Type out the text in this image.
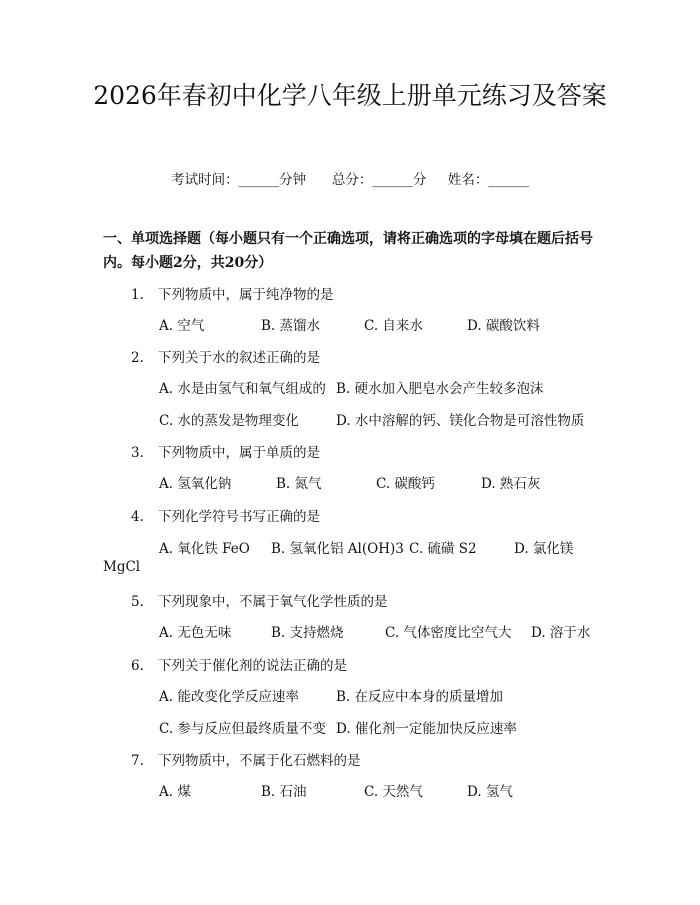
2026年春初中化学八年级上册单元练习及答案
考试时间：______分钟 总分：______分 姓名：______
一、单项选择题（每小题只有一个正确选项，请将正确选项的字母填在题后括号内。每小题2分，共20分）
1. 下列物质中，属于纯净物的是
A. 空气	B. 蒸馏水	C. 自来水	D. 碳酸饮料
2. 下列关于水的叙述正确的是
A. 水是由氢气和氧气组成的 B. 硬水加入肥皂水会产生较多泡沫
C. 水的蒸发是物理变化	D. 水中溶解的钙、镁化合物是可溶性物质
3. 下列物质中，属于单质的是
A. 氢氧化钠	B. 氮气	C. 碳酸钙	D. 熟石灰
4. 下列化学符号书写正确的是
A. 氧化铁 FeO B. 氢氧化铝 Al(OH)3 C. 硫磺 S2	D. 氯化镁
MgCl
5. 下列现象中，不属于氧气化学性质的是
A. 无色无味	B. 支持燃烧	C. 气体密度比空气大 D. 溶于水
6. 下列关于催化剂的说法正确的是
A. 能改变化学反应速率	B. 在反应中本身的质量增加
C. 参与反应但最终质量不变 D. 催化剂一定能加快反应速率
7. 下列物质中，不属于化石燃料的是
A. 煤	B. 石油	C. 天然气	D. 氢气
